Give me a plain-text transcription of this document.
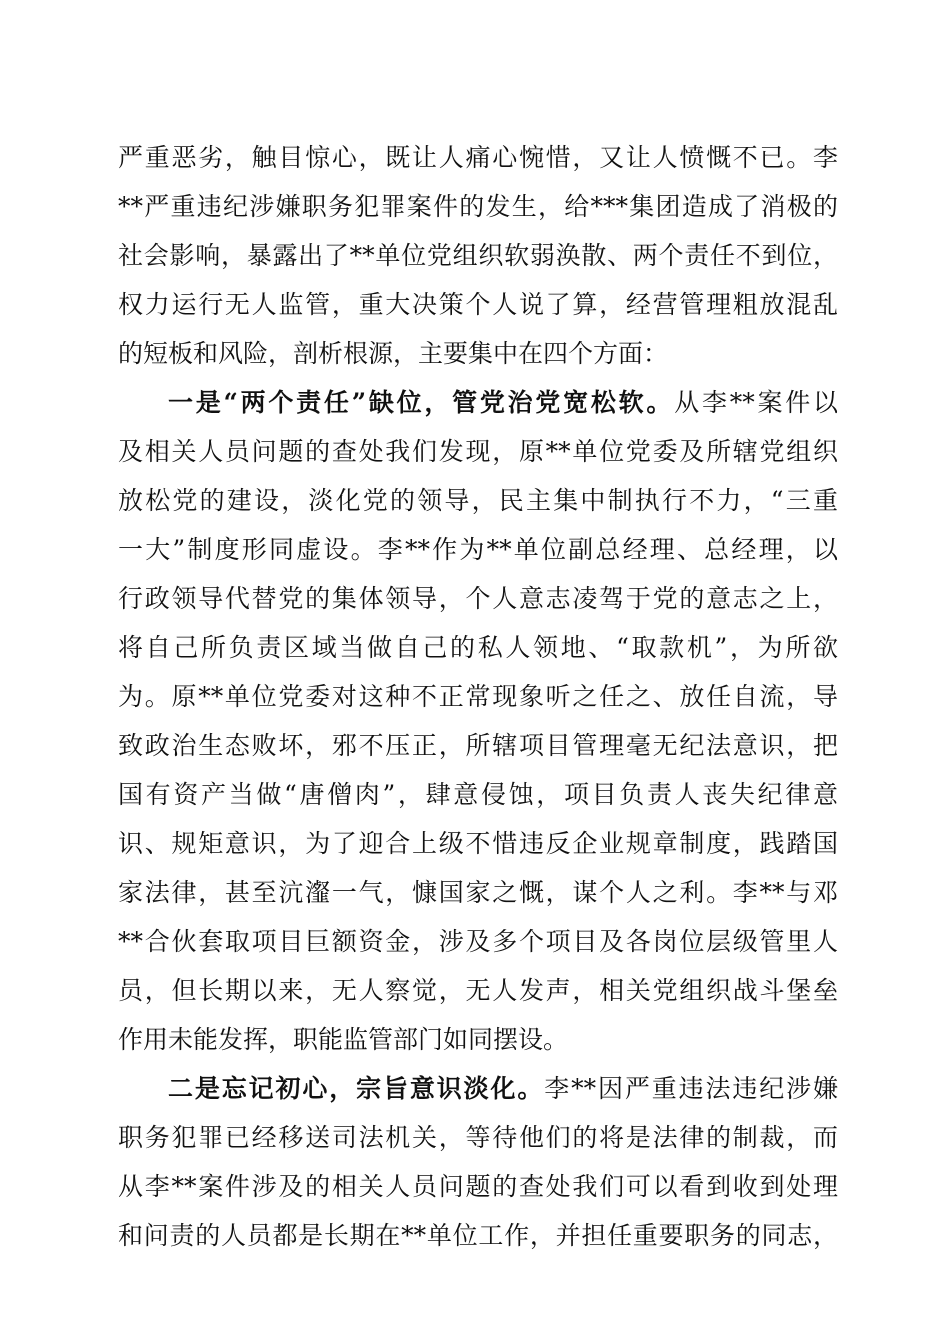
严重恶劣，触目惊心，既让人痛心惋惜，又让人愤慨不已。李
**严重违纪涉嫌职务犯罪案件的发生，给***集团造成了消极的
社会影响，暴露出了**单位党组织软弱涣散、两个责任不到位，
权力运行无人监管，重大决策个人说了算，经营管理粗放混乱
的短板和风险，剖析根源，主要集中在四个方面：
一是“两个责任”缺位，管党治党宽松软。从李**案件以
及相关人员问题的查处我们发现，原**单位党委及所辖党组织
放松党的建设，淡化党的领导，民主集中制执行不力，“三重
一大”制度形同虚设。李**作为**单位副总经理、总经理，以
行政领导代替党的集体领导，个人意志凌驾于党的意志之上，
将自己所负责区域当做自己的私人领地、“取款机”，为所欲
为。原**单位党委对这种不正常现象听之任之、放任自流，导
致政治生态败坏，邪不压正，所辖项目管理毫无纪法意识，把
国有资产当做“唐僧肉”，肆意侵蚀，项目负责人丧失纪律意
识、规矩意识，为了迎合上级不惜违反企业规章制度，践踏国
家法律，甚至沆瀣一气，慷国家之慨，谋个人之利。李**与邓
**合伙套取项目巨额资金，涉及多个项目及各岗位层级管里人
员，但长期以来，无人察觉，无人发声，相关党组织战斗堡垒
作用未能发挥，职能监管部门如同摆设。
二是忘记初心，宗旨意识淡化。李**因严重违法违纪涉嫌
职务犯罪已经移送司法机关，等待他们的将是法律的制裁，而
从李**案件涉及的相关人员问题的查处我们可以看到收到处理
和问责的人员都是长期在**单位工作，并担任重要职务的同志，
